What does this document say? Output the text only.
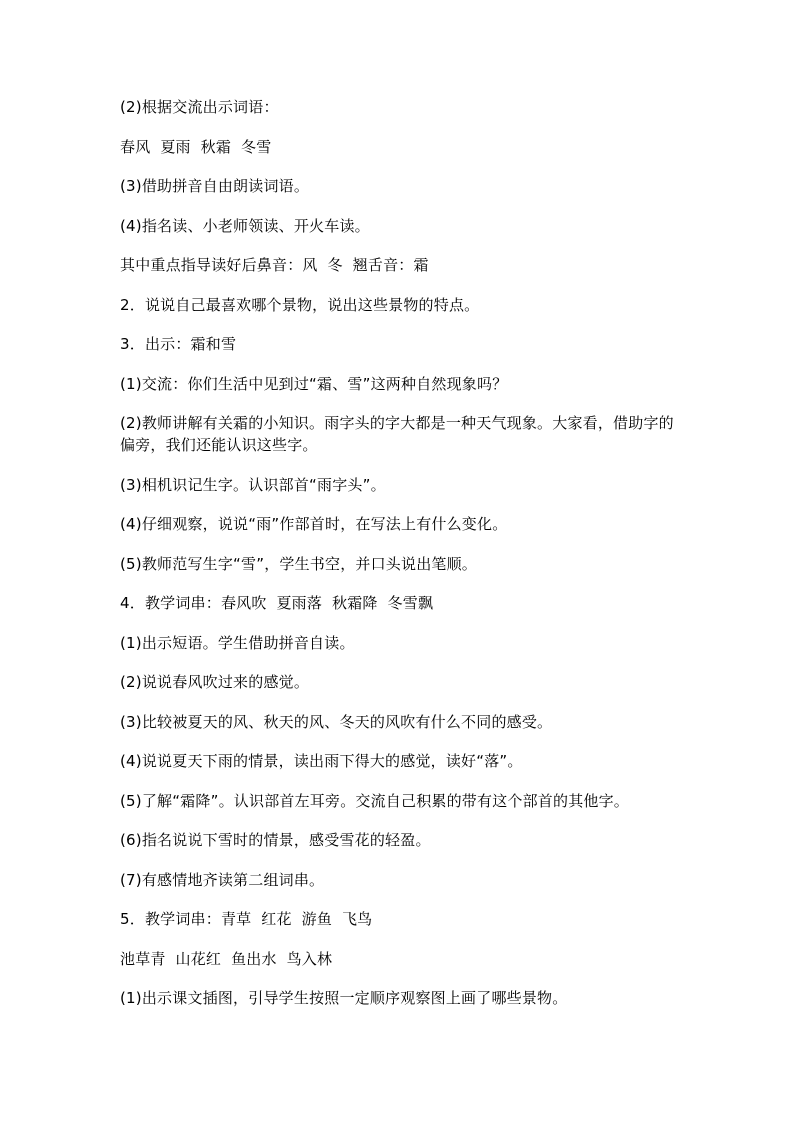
(2)根据交流出示词语：

春风  夏雨  秋霜  冬雪

(3)借助拼音自由朗读词语。

(4)指名读、小老师领读、开火车读。

其中重点指导读好后鼻音：风  冬  翘舌音：霜

2．说说自己最喜欢哪个景物，说出这些景物的特点。

3．出示：霜和雪

(1)交流：你们生活中见到过“霜、雪”这两种自然现象吗？

(2)教师讲解有关霜的小知识。雨字头的字大都是一种天气现象。大家看，借助字的偏旁，我们还能认识这些字。

(3)相机识记生字。认识部首“雨字头”。

(4)仔细观察，说说“雨”作部首时，在写法上有什么变化。

(5)教师范写生字“雪”，学生书空，并口头说出笔顺。

4．教学词串：春风吹  夏雨落  秋霜降  冬雪飘

(1)出示短语。学生借助拼音自读。

(2)说说春风吹过来的感觉。

(3)比较被夏天的风、秋天的风、冬天的风吹有什么不同的感受。

(4)说说夏天下雨的情景，读出雨下得大的感觉，读好“落”。

(5)了解“霜降”。认识部首左耳旁。交流自己积累的带有这个部首的其他字。

(6)指名说说下雪时的情景，感受雪花的轻盈。

(7)有感情地齐读第二组词串。

5．教学词串：青草  红花  游鱼  飞鸟

池草青  山花红  鱼出水  鸟入林

(1)出示课文插图，引导学生按照一定顺序观察图上画了哪些景物。
